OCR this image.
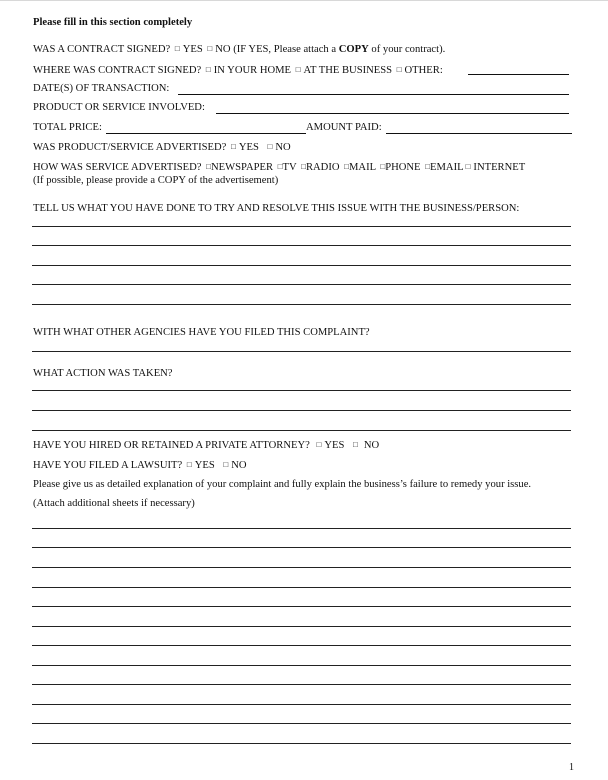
Please fill in this section completely
WAS A CONTRACT SIGNED? □ YES □ NO (IF YES, Please attach a COPY of your contract).
WHERE WAS CONTRACT SIGNED? □ IN YOUR HOME □ AT THE BUSINESS □ OTHER:
DATE(S) OF TRANSACTION:
PRODUCT OR SERVICE INVOLVED:
TOTAL PRICE:	AMOUNT PAID:
WAS PRODUCT/SERVICE ADVERTISED? □ YES □ NO
HOW WAS SERVICE ADVERTISED? □NEWSPAPER □TV □RADIO □MAIL □PHONE □EMAIL □ INTERNET
(If possible, please provide a COPY of the advertisement)
TELL US WHAT YOU HAVE DONE TO TRY AND RESOLVE THIS ISSUE WITH THE BUSINESS/PERSON:
WITH WHAT OTHER AGENCIES HAVE YOU FILED THIS COMPLAINT?
WHAT ACTION WAS TAKEN?
HAVE YOU HIRED OR RETAINED A PRIVATE ATTORNEY? □ YES □ NO
HAVE YOU FILED A LAWSUIT? □ YES □ NO
Please give us as detailed explanation of your complaint and fully explain the business’s failure to remedy your issue.
(Attach additional sheets if necessary)
1
